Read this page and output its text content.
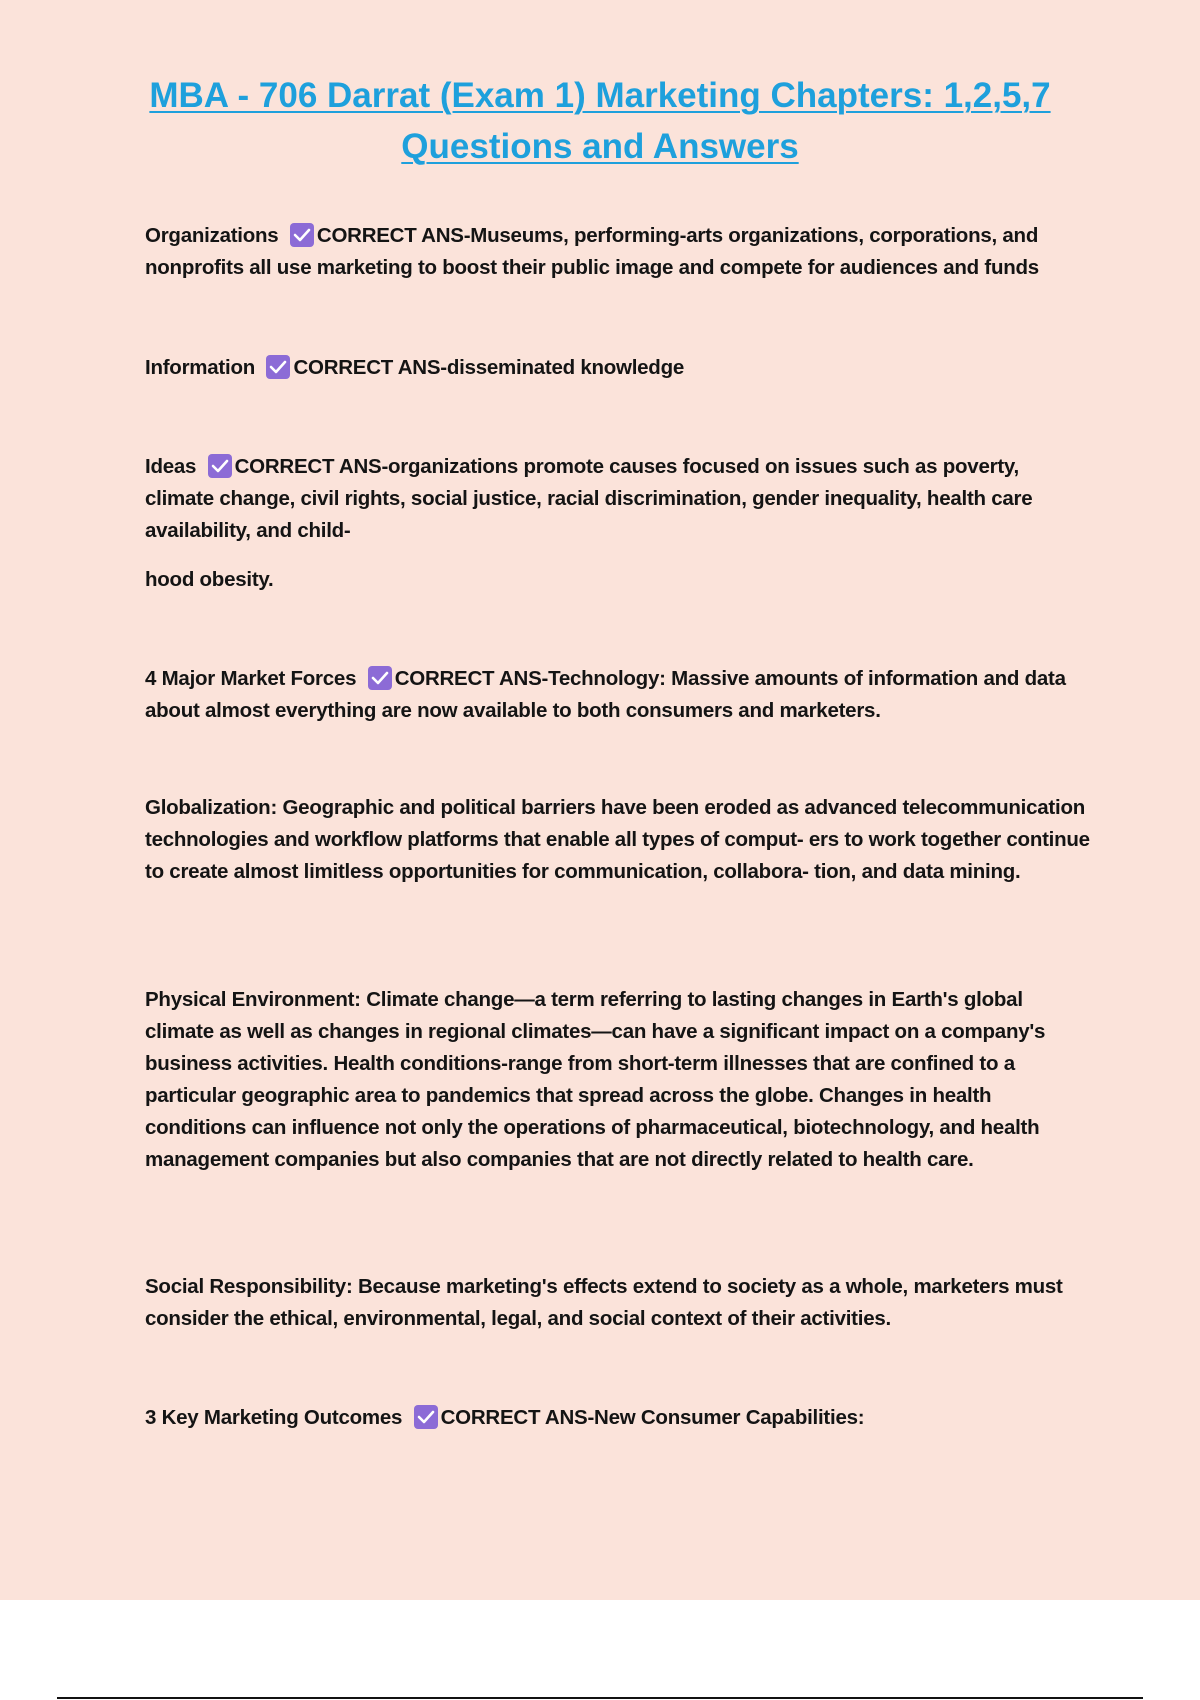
MBA - 706 Darrat (Exam 1) Marketing Chapters: 1,2,5,7
Questions and Answers
Organizations CORRECT ANS-Museums, performing-arts organizations, corporations, and nonprofits all use marketing to boost their public image and compete for audiences and funds
Information CORRECT ANS-disseminated knowledge
Ideas CORRECT ANS-organizations promote causes focused on issues such as poverty, climate change, civil rights, social justice, racial discrimination, gender inequality, health care availability, and child-
hood obesity.
4 Major Market Forces CORRECT ANS-Technology: Massive amounts of information and data about almost everything are now available to both consumers and marketers.
Globalization: Geographic and political barriers have been eroded as advanced telecommunication technologies and workflow platforms that enable all types of comput- ers to work together continue to create almost limitless opportunities for communication, collabora- tion, and data mining.
Physical Environment: Climate change—a term referring to lasting changes in Earth's global climate as well as changes in regional climates—can have a significant impact on a company's business activities. Health conditions-range from short-term illnesses that are confined to a particular geographic area to pandemics that spread across the globe. Changes in health conditions can influence not only the operations of pharmaceutical, biotechnology, and health management companies but also companies that are not directly related to health care.
Social Responsibility: Because marketing's effects extend to society as a whole, marketers must consider the ethical, environmental, legal, and social context of their activities.
3 Key Marketing Outcomes CORRECT ANS-New Consumer Capabilities:
